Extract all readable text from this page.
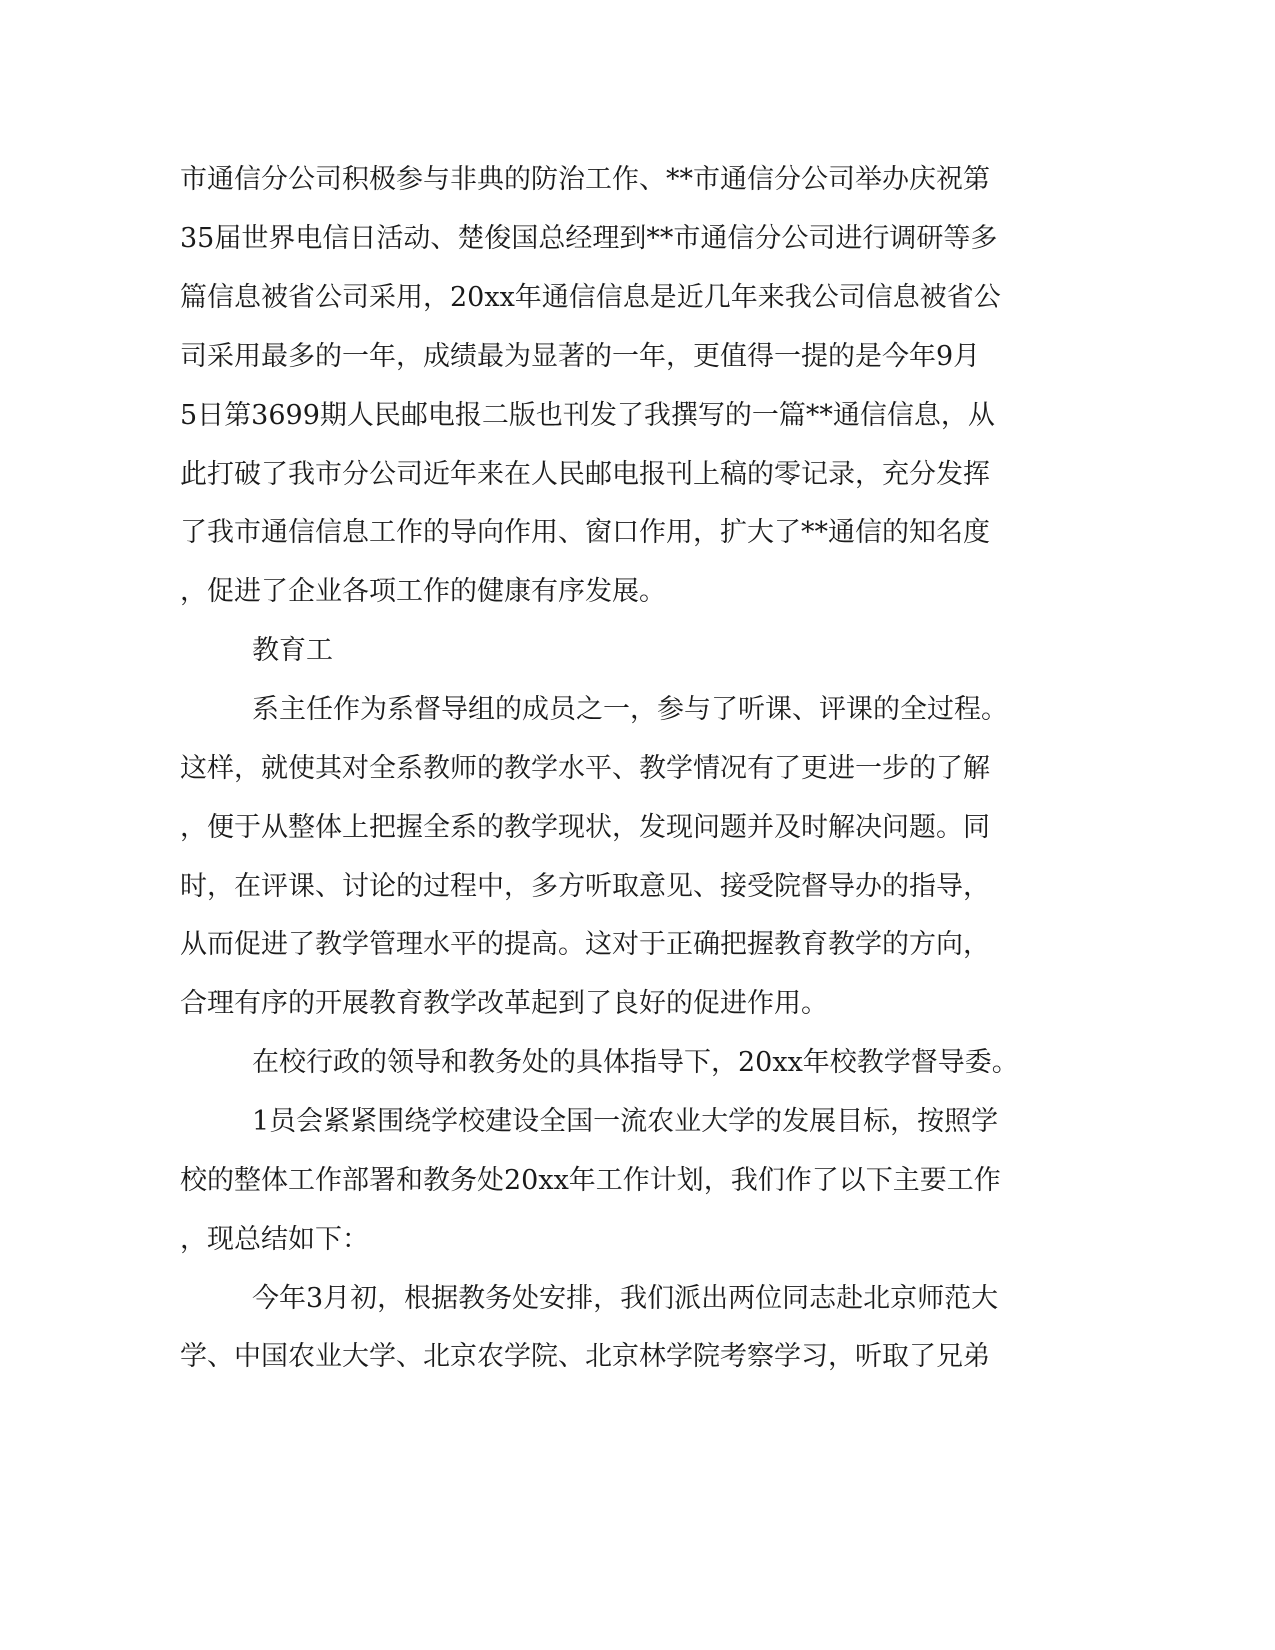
市通信分公司积极参与非典的防治工作、**市通信分公司举办庆祝第

35届世界电信日活动、楚俊国总经理到**市通信分公司进行调研等多

篇信息被省公司采用，20xx年通信信息是近几年来我公司信息被省公

司采用最多的一年，成绩最为显著的一年，更值得一提的是今年9月

5日第3699期人民邮电报二版也刊发了我撰写的一篇**通信信息，从

此打破了我市分公司近年来在人民邮电报刊上稿的零记录，充分发挥

了我市通信信息工作的导向作用、窗口作用，扩大了**通信的知名度

，促进了企业各项工作的健康有序发展。

教育工

系主任作为系督导组的成员之一，参与了听课、评课的全过程。

这样，就使其对全系教师的教学水平、教学情况有了更进一步的了解

，便于从整体上把握全系的教学现状，发现问题并及时解决问题。同

时，在评课、讨论的过程中，多方听取意见、接受院督导办的指导，

从而促进了教学管理水平的提高。这对于正确把握教育教学的方向，

合理有序的开展教育教学改革起到了良好的促进作用。

在校行政的领导和教务处的具体指导下，20xx年校教学督导委。

1员会紧紧围绕学校建设全国一流农业大学的发展目标，按照学

校的整体工作部署和教务处20xx年工作计划，我们作了以下主要工作

，现总结如下：

今年3月初，根据教务处安排，我们派出两位同志赴北京师范大

学、中国农业大学、北京农学院、北京林学院考察学习，听取了兄弟
